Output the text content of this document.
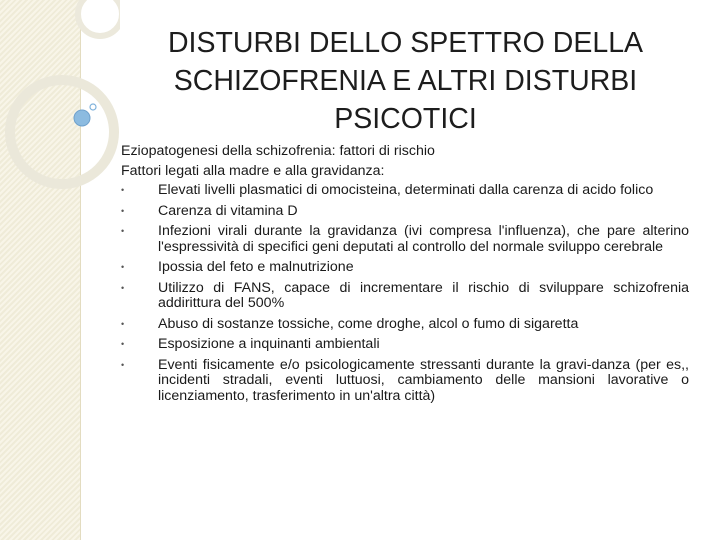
DISTURBI DELLO SPETTRO DELLA
SCHIZOFRENIA E ALTRI DISTURBI
PSICOTICI
Eziopatogenesi della schizofrenia: fattori di rischio
Fattori legati alla madre e alla gravidanza:
• Elevati livelli plasmatici di omocisteina, determinati dalla carenza di acido folico
• Carenza di vitamina D
• Infezioni virali durante la gravidanza (ivi compresa l'influenza), che pare alterino l'espressività di specifici geni deputati al controllo del normale sviluppo cerebrale
• Ipossia del feto e malnutrizione
• Utilizzo di FANS, capace di incrementare il rischio di sviluppare schizofrenia addirittura del 500%
• Abuso di sostanze tossiche, come droghe, alcol o fumo di sigaretta
• Esposizione a inquinanti ambientali
• Eventi fisicamente e/o psicologicamente stressanti durante la gravi-danza (per es,, incidenti stradali, eventi luttuosi, cambiamento delle mansioni lavorative o licenziamento, trasferimento in un'altra città)
